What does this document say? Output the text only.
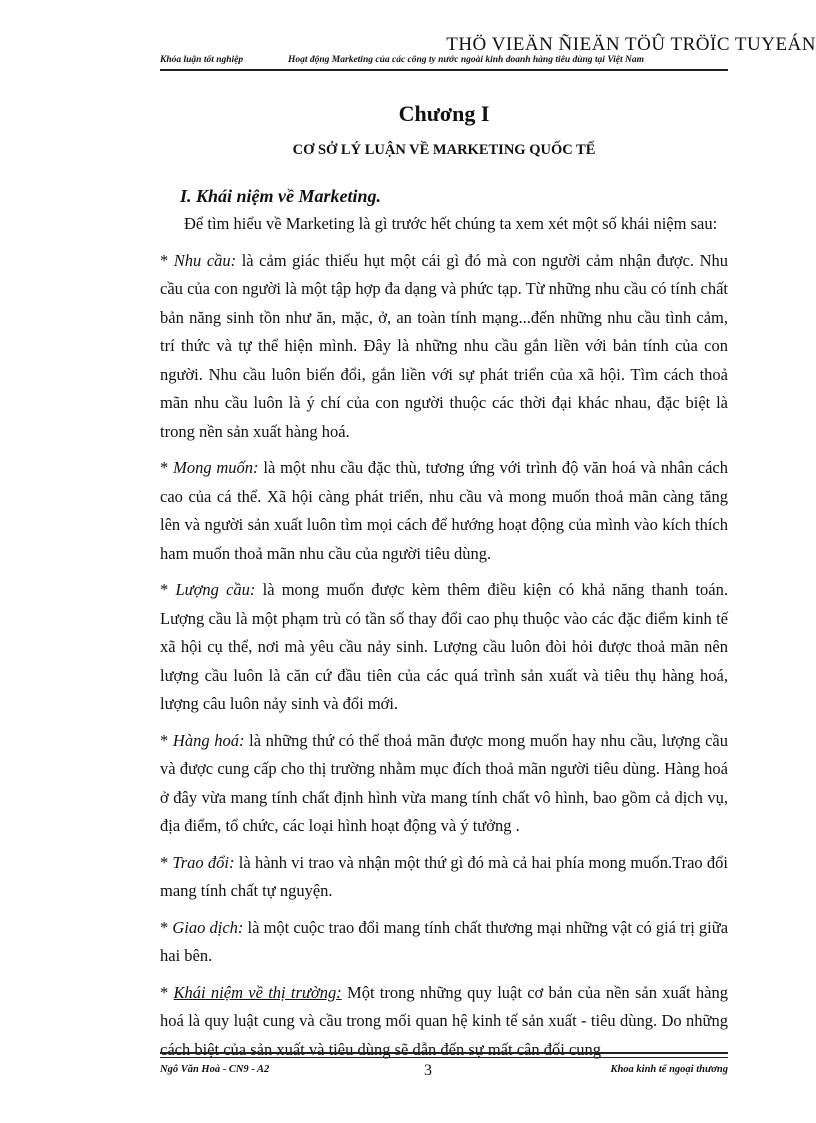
THÖ VIEÄN ÑIEÄN TÖÛ TRÖÏC TUYEÁN
Khóa luận tốt nghiệp	Hoạt động Marketing của các công ty nước ngoài kinh doanh hàng tiêu dùng tại Việt Nam
Chương I
CƠ SỞ LÝ LUẬN VỀ MARKETING QUỐC TẾ
I. Khái niệm về Marketing.

Để tìm hiểu về Marketing là gì trước hết chúng ta xem xét một số khái niệm sau:

* Nhu cầu: là cảm giác thiếu hụt một cái gì đó mà con người cảm nhận được. Nhu cầu của con người là một tập hợp đa dạng và phức tạp. Từ những nhu cầu có tính chất bản năng sinh tồn như ăn, mặc, ở, an toàn tính mạng...đến những nhu cầu tình cảm, trí thức và tự thể hiện mình. Đây là những nhu cầu gắn liền với bản tính của con người. Nhu cầu luôn biến đổi, gắn liền với sự phát triển của xã hội. Tìm cách thoả mãn nhu cầu luôn là ý chí của con người thuộc các thời đại khác nhau, đặc biệt là trong nền sản xuất hàng hoá.

* Mong muốn: là một nhu cầu đặc thù, tương ứng với trình độ văn hoá và nhân cách cao của cá thể. Xã hội càng phát triển, nhu cầu và mong muốn thoả mãn càng tăng lên và người sản xuất luôn tìm mọi cách để hướng hoạt động của mình vào kích thích ham muốn thoả mãn nhu cầu của người tiêu dùng.

* Lượng cầu: là mong muốn được kèm thêm điều kiện có khả năng thanh toán. Lượng cầu là một phạm trù có tần số thay đổi cao phụ thuộc vào các đặc điểm kinh tế xã hội cụ thể, nơi mà yêu cầu nảy sinh. Lượng cầu luôn đòi hỏi được thoả mãn nên lượng cầu luôn là căn cứ đầu tiên của các quá trình sản xuất và tiêu thụ hàng hoá, lượng câu luôn nảy sinh và đổi mới.

* Hàng hoá: là những thứ có thể thoả mãn được mong muốn hay nhu cầu, lượng cầu và được cung cấp cho thị trường nhằm mục đích thoả mãn người tiêu dùng. Hàng hoá ở đây vừa mang tính chất định hình vừa mang tính chất vô hình, bao gồm cả dịch vụ, địa điểm, tổ chức, các loại hình hoạt động và ý tưởng .

* Trao đổi: là hành vi trao và nhận một thứ gì đó mà cả hai phía mong muốn.Trao đổi mang tính chất tự nguyện.

* Giao dịch: là một cuộc trao đổi mang tính chất thương mại những vật có giá trị giữa hai bên.

* Khái niệm về thị trường: Một trong những quy luật cơ bản của nền sản xuất hàng hoá là quy luật cung và cầu trong mối quan hệ kinh tế sản xuất - tiêu dùng. Do những cách biệt của sản xuất và tiêu dùng sẽ dẫn đến sự mất cân đối cung

Ngô Văn Hoà - CN9 - A2	3	Khoa kinh tế ngoại thương
